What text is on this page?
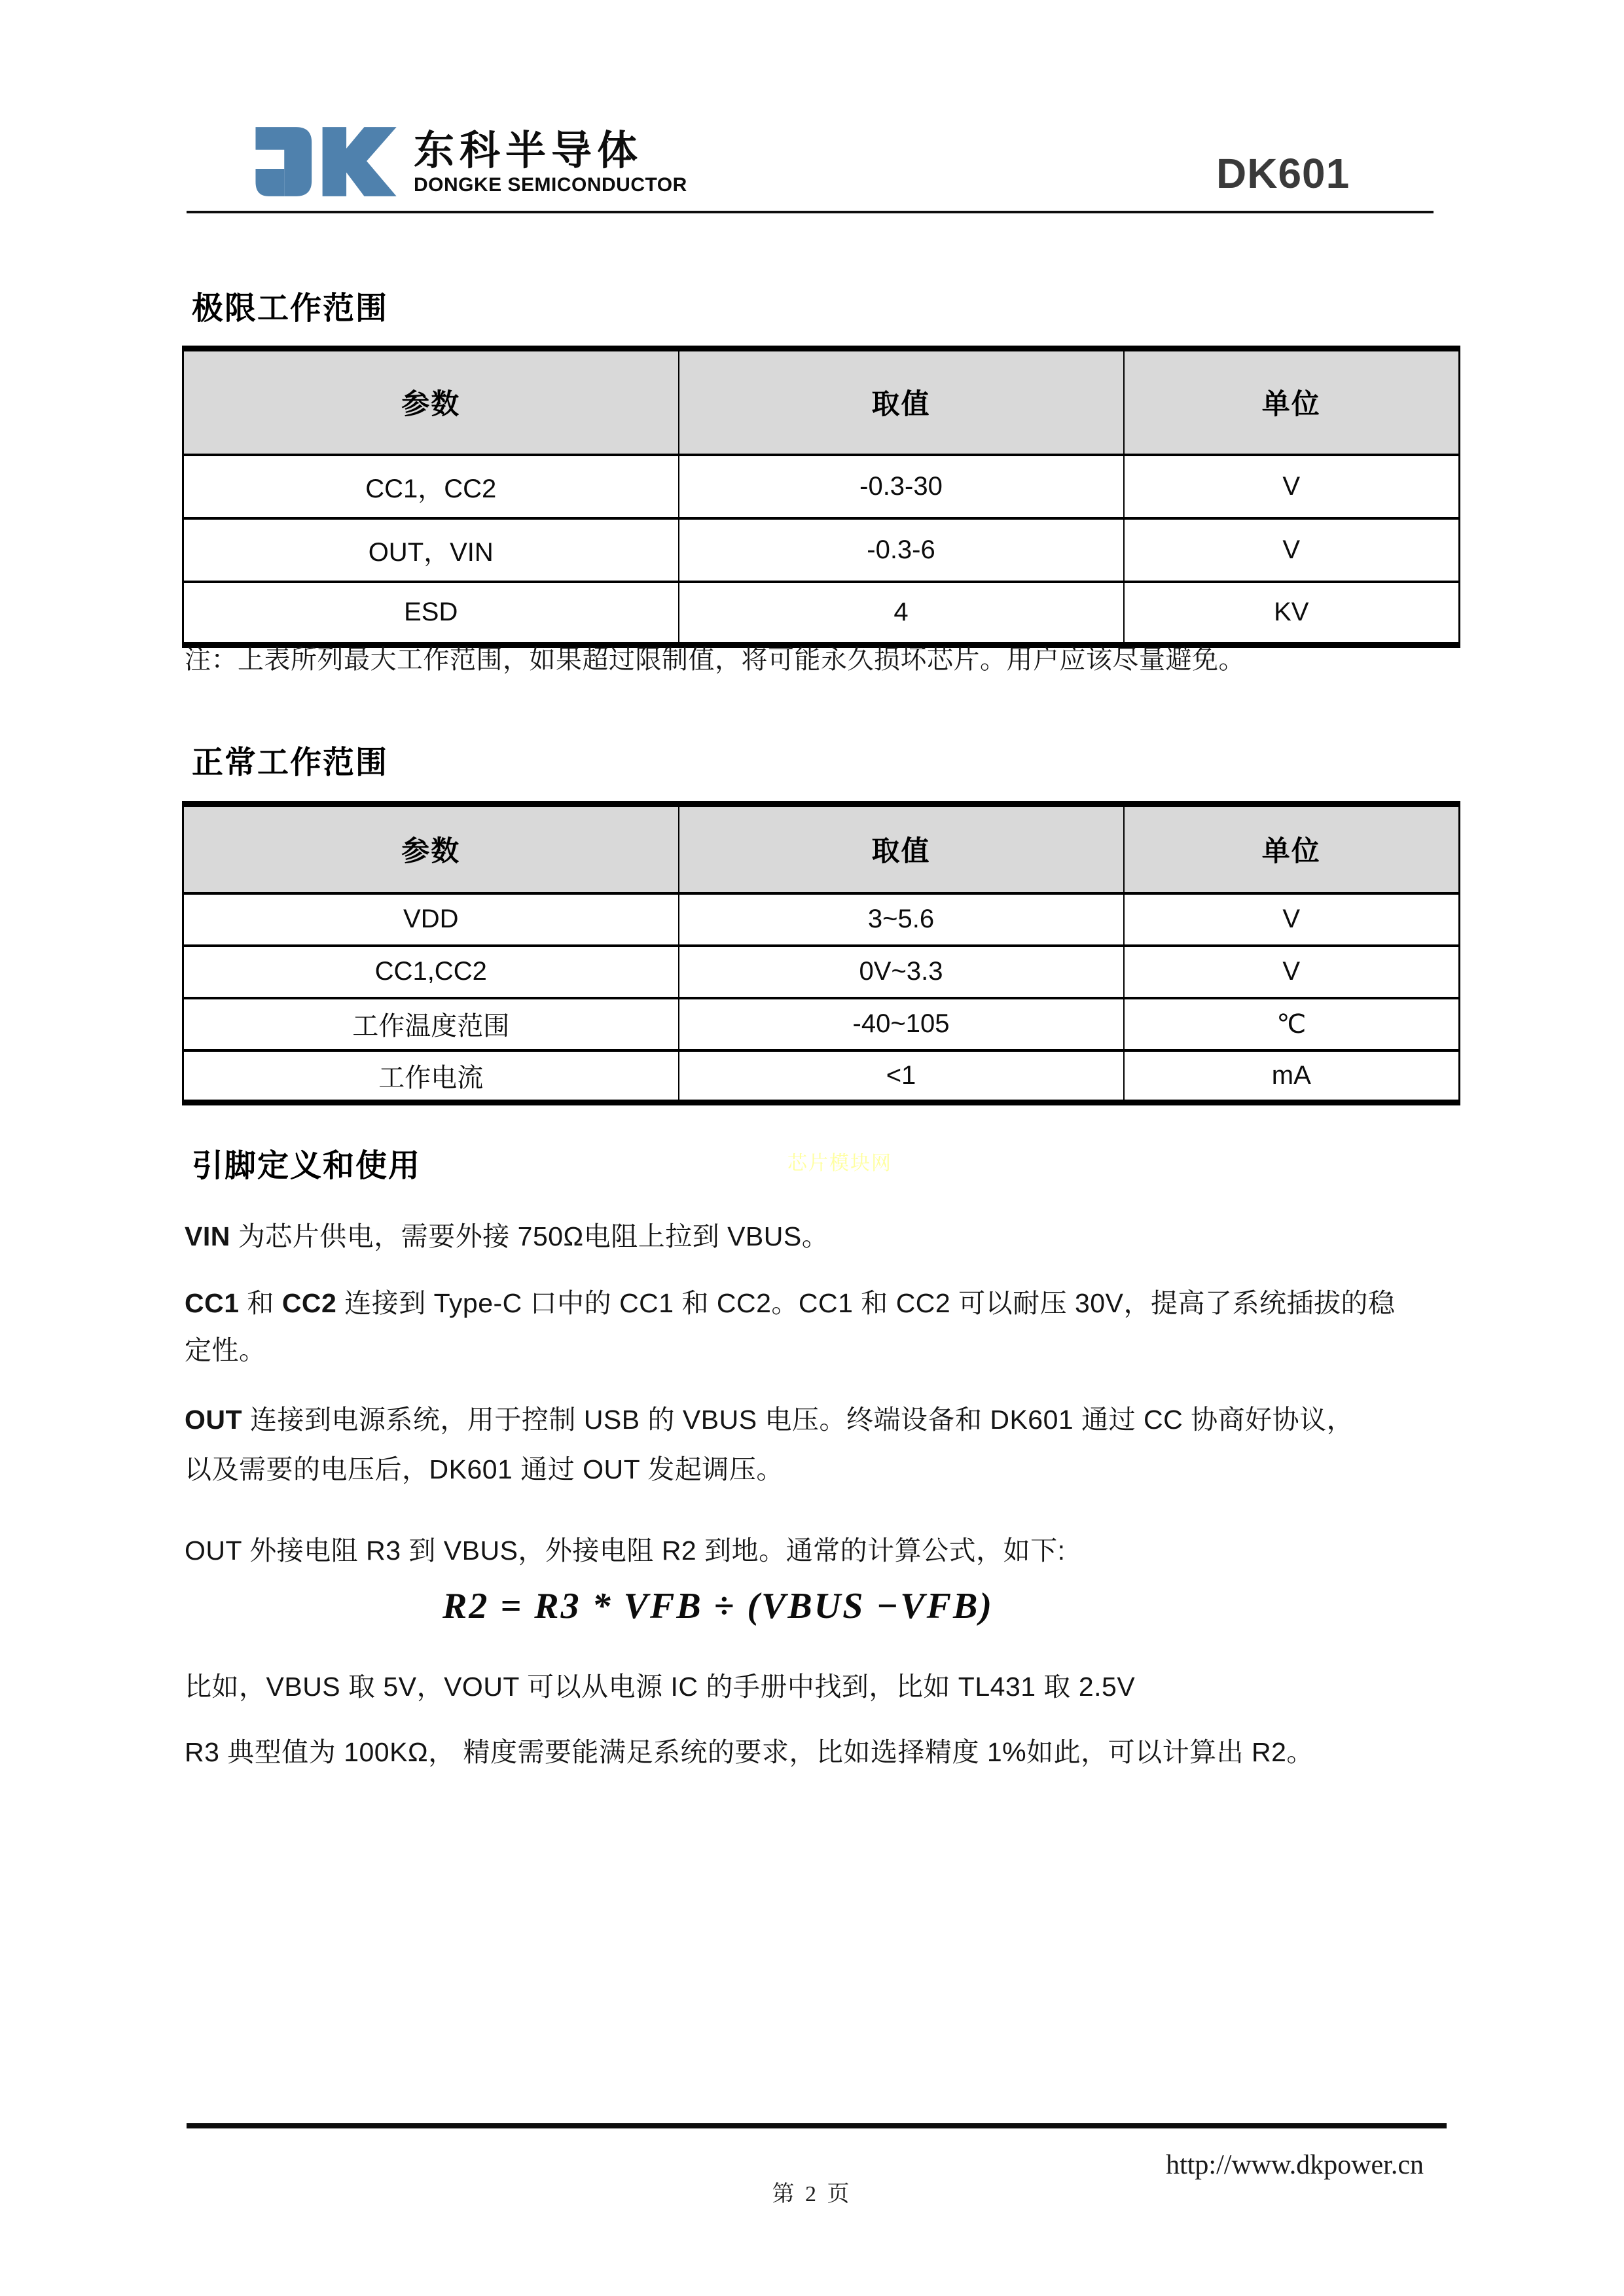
东科半导体
DONGKE SEMICONDUCTOR	DK601
极限工作范围
参数	取值	单位
CC1，CC2	-0.3-30	V
OUT，VIN	-0.3-6	V
ESD	4	KV

注：上表所列最大工作范围，如果超过限制值，将可能永久损坏芯片。用户应该尽量避免。

正常工作范围
参数	取值	单位
VDD	3~5.6	V
CC1,CC2	0V~3.3	V
工作温度范围	-40~105	℃
工作电流	<1	mA
引脚定义和使用	芯片模块网

VIN 为芯片供电，需要外接 750Ω电阻上拉到 VBUS。

CC1 和 CC2 连接到 Type-C 口中的 CC1 和 CC2。CC1 和 CC2 可以耐压 30V，提高了系统插拔的稳

定性。

OUT 连接到电源系统，用于控制 USB 的 VBUS 电压。终端设备和 DK601 通过 CC 协商好协议，

以及需要的电压后，DK601 通过 OUT 发起调压。

OUT 外接电阻 R3 到 VBUS，外接电阻 R2 到地。通常的计算公式，如下:

R2 = R3 * VFB ÷ (VBUS −VFB)

比如，VBUS 取 5V，VOUT 可以从电源 IC 的手册中找到，比如 TL431 取 2.5V

R3 典型值为 100KΩ， 精度需要能满足系统的要求，比如选择精度 1%如此，可以计算出 R2。

http://www.dkpower.cn
第 2 页
